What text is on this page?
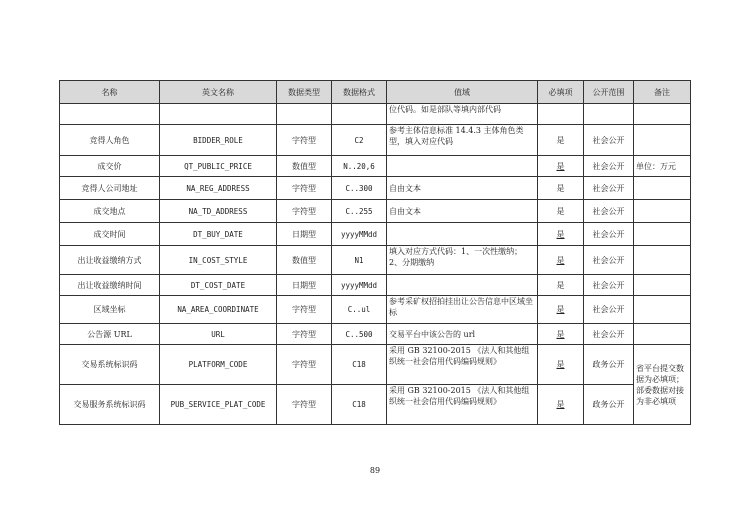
名称	英文名称	数据类型	数据格式	值域	必填项	公开范围	备注
				位代码。如是部队等填内部代码			
竞得人角色	BIDDER_ROLE	字符型	C2	参考主体信息标准 14.4.3 主体角色类型，填入对应代码	是	社会公开	
成交价	QT_PUBLIC_PRICE	数值型	N..20,6		是	社会公开	单位：万元
竞得人公司地址	NA_REG_ADDRESS	字符型	C..300	自由文本	是	社会公开	
成交地点	NA_TD_ADDRESS	字符型	C..255	自由文本	是	社会公开	
成交时间	DT_BUY_DATE	日期型	yyyyMMdd		是	社会公开	
出让收益缴纳方式	IN_COST_STYLE	数值型	N1	填入对应方式代码：1、一次性缴纳；2、分期缴纳	是	社会公开	
出让收益缴纳时间	DT_COST_DATE	日期型	yyyyMMdd		是	社会公开	
区域坐标	NA_AREA_COORDINATE	字符型	C..ul	参考采矿权招拍挂出让公告信息中区域坐标	是	社会公开	
公告源 URL	URL	字符型	C..500	交易平台中该公告的 url	是	社会公开	
交易系统标识码	PLATFORM_CODE	字符型	C18	采用 GB 32100-2015 《法人和其他组织统一社会信用代码编码规则》	是	政务公开	省平台提交数据为必填项；部委数据对接为非必填项
交易服务系统标识码	PUB_SERVICE_PLAT_CODE	字符型	C18	采用 GB 32100-2015 《法人和其他组织统一社会信用代码编码规则》	是	政务公开	
89
